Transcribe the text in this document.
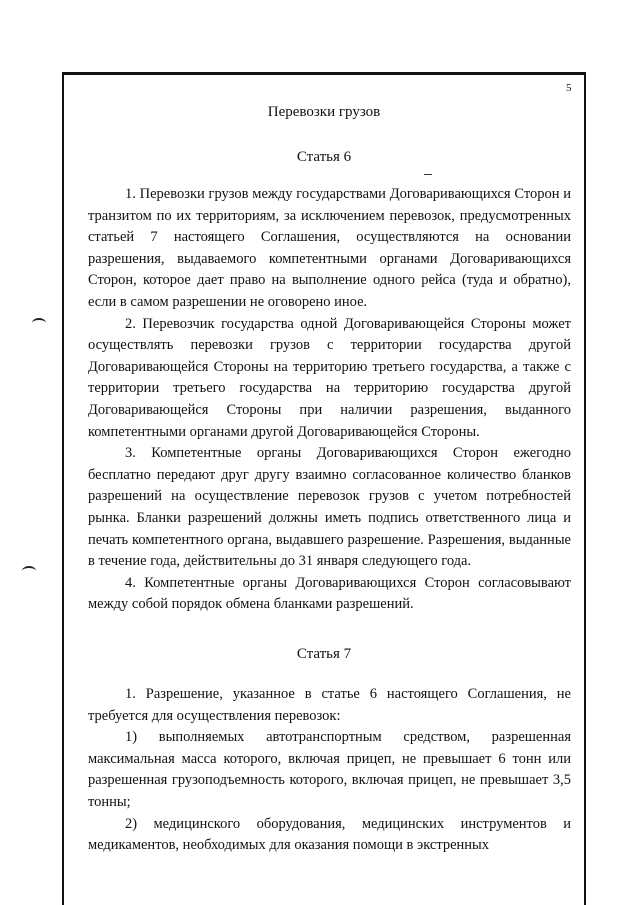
5
Перевозки грузов
Статья 6

1. Перевозки грузов между государствами Договаривающихся Сторон и транзитом по их территориям, за исключением перевозок, предусмотренных статьей 7 настоящего Соглашения, осуществляются на основании разрешения, выдаваемого компетентными органами Договаривающихся Сторон, которое дает право на выполнение одного рейса (туда и обратно), если в самом разрешении не оговорено иное.

2. Перевозчик государства одной Договаривающейся Стороны может осуществлять перевозки грузов с территории государства другой Договаривающейся Стороны на территорию третьего государства, а также с территории третьего государства на территорию государства другой Договаривающейся Стороны при наличии разрешения, выданного компетентными органами другой Договаривающейся Стороны.

3. Компетентные органы Договаривающихся Сторон ежегодно бесплатно передают друг другу взаимно согласованное количество бланков разрешений на осуществление перевозок грузов с учетом потребностей рынка. Бланки разрешений должны иметь подпись ответственного лица и печать компетентного органа, выдавшего разрешение. Разрешения, выданные в течение года, действительны до 31 января следующего года.

4. Компетентные органы Договаривающихся Сторон согласовывают между собой порядок обмена бланками разрешений.

Статья 7

1. Разрешение, указанное в статье 6 настоящего Соглашения, не требуется для осуществления перевозок:

1) выполняемых автотранспортным средством, разрешенная максимальная масса которого, включая прицеп, не превышает 6 тонн или разрешенная грузоподъемность которого, включая прицеп, не превышает 3,5 тонны;

2) медицинского оборудования, медицинских инструментов и медикаментов, необходимых для оказания помощи в экстренных
